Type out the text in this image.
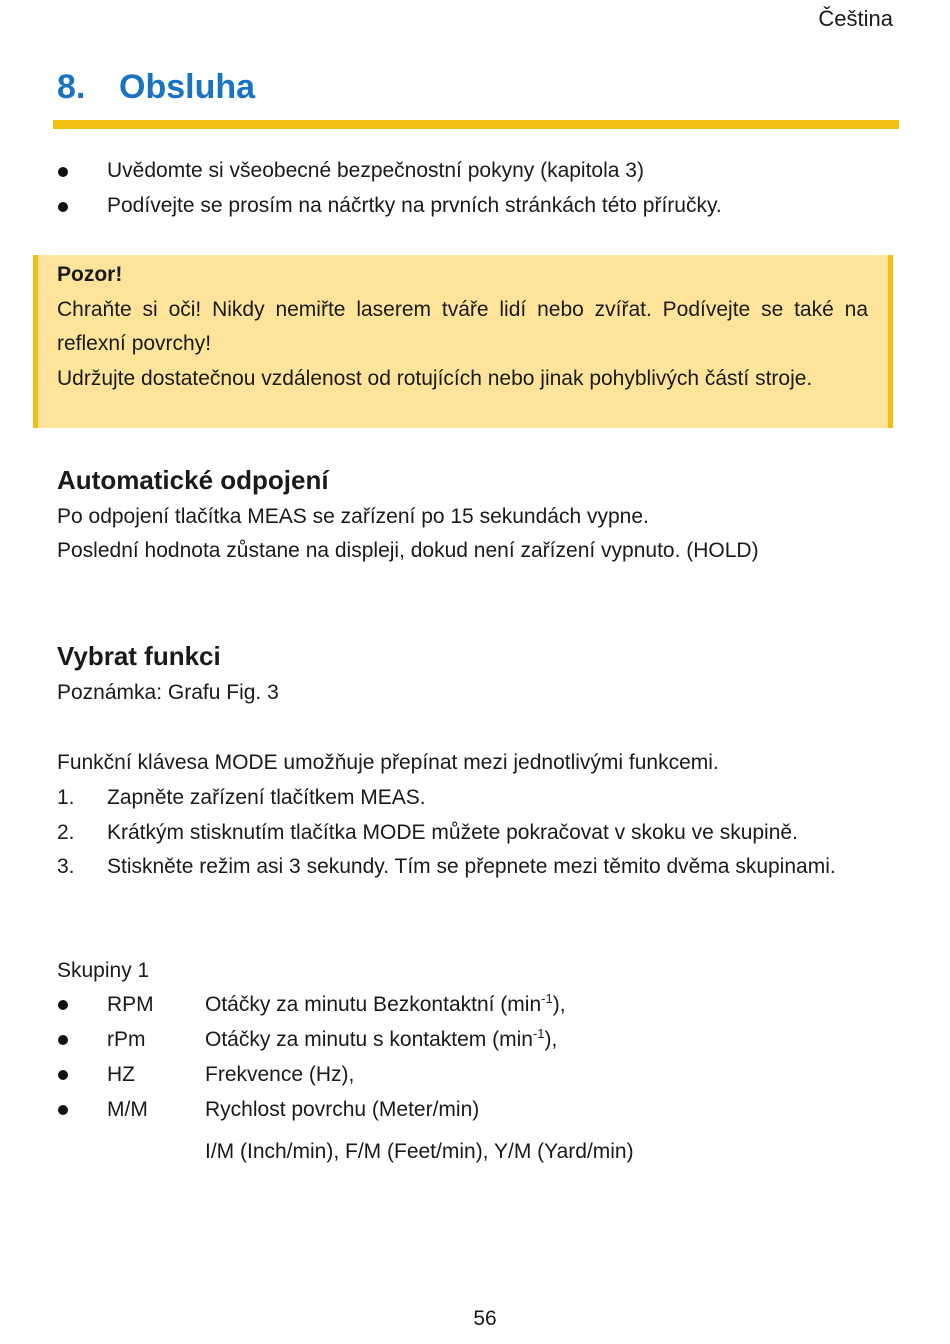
Čeština
8. Obsluha
Uvědomte si všeobecné bezpečnostní pokyny (kapitola 3)
Podívejte se prosím na náčrtky na prvních stránkách této příručky.

Pozor!

Chraňte si oči! Nikdy nemiřte laserem tváře lidí nebo zvířat. Podívejte se také na reflexní povrchy!

Udržujte dostatečnou vzdálenost od rotujících nebo jinak pohyblivých částí stroje.

Automatické odpojení

Po odpojení tlačítka MEAS se zařízení po 15 sekundách vypne.

Poslední hodnota zůstane na displeji, dokud není zařízení vypnuto. (HOLD)

Vybrat funkci

Poznámka: Grafu Fig. 3

Funkční klávesa MODE umožňuje přepínat mezi jednotlivými funkcemi.

1. Zapněte zařízení tlačítkem MEAS.
2. Krátkým stisknutím tlačítka MODE můžete pokračovat v skoku ve skupině.
3. Stiskněte režim asi 3 sekundy. Tím se přepnete mezi těmito dvěma skupinami.

Skupiny 1

RPM Otáčky za minutu Bezkontaktní $(\min^{-1})$,
rPm	Otáčky za minutu s kontaktem $(\min^{-1})$,
HZ	Frekvence (Hz),
M/M	Rychlost povrchu (Meter/min)
I/M (Inch/min), F/M (Feet/min), Y/M (Yard/min)
56
